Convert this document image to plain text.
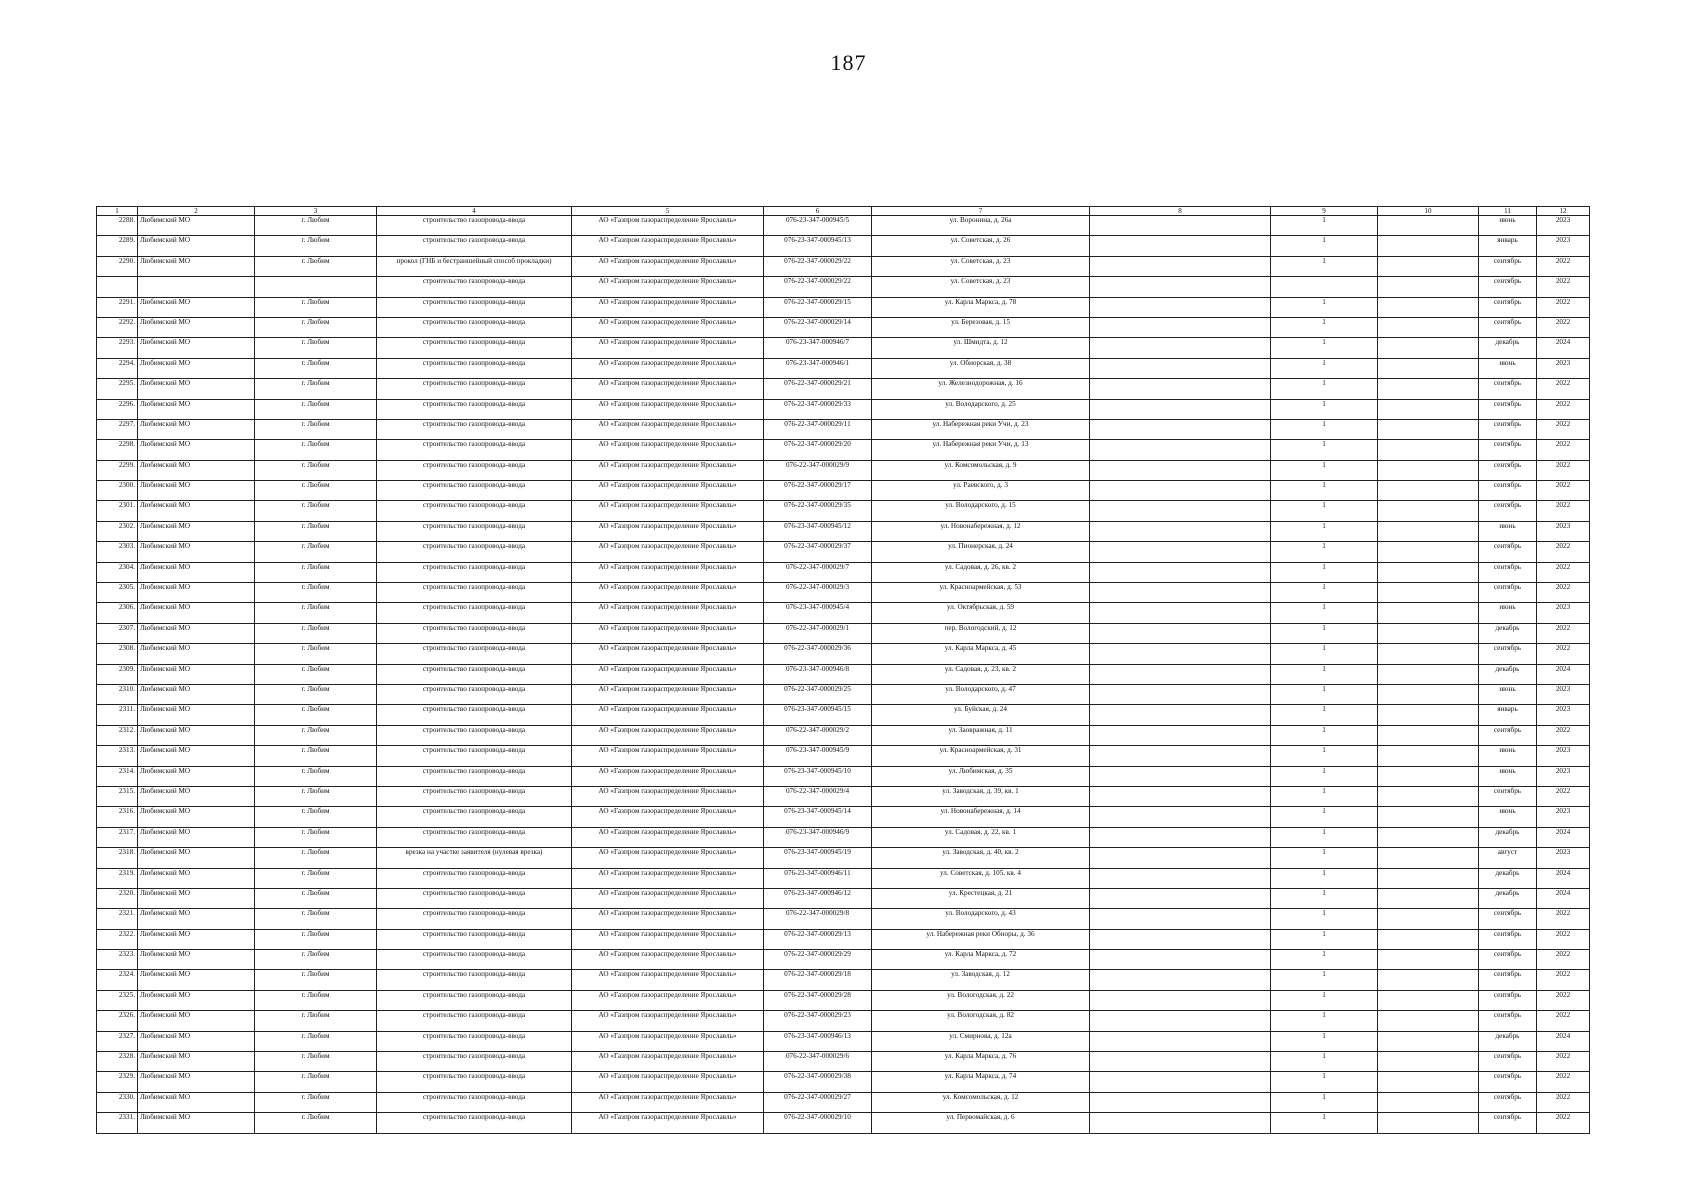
187
1	2	3	4	5	6	7	8	9	10	11	12
2288.	Любимский МО	г. Любим	строительство газопровода-ввода	АО «Газпром газораспределение Ярославль»	076-23-347-000945/5	ул. Воронина, д. 26а		1		июнь	2023
2289.	Любимский МО	г. Любим	строительство газопровода-ввода	АО «Газпром газораспределение Ярославль»	076-23-347-000945/13	ул. Советская, д. 26		1		январь	2023
2290.	Любимский МО	г. Любим	прокол (ГНБ и бестраншейный способ прокладки)	АО «Газпром газораспределение Ярославль»	076-22-347-000029/22	ул. Советская, д. 23		1		сентябрь	2022
			строительство газопровода-ввода	АО «Газпром газораспределение Ярославль»	076-22-347-000029/22	ул. Советская, д. 23				сентябрь	2022
2291.	Любимский МО	г. Любим	строительство газопровода-ввода	АО «Газпром газораспределение Ярославль»	076-22-347-000029/15	ул. Карла Маркса, д. 78		1		сентябрь	2022
2292.	Любимский МО	г. Любим	строительство газопровода-ввода	АО «Газпром газораспределение Ярославль»	076-22-347-000029/14	ул. Березовая, д. 15		1		сентябрь	2022
2293.	Любимский МО	г. Любим	строительство газопровода-ввода	АО «Газпром газораспределение Ярославль»	076-23-347-000946/7	ул. Шмидта, д. 12		1		декабрь	2024
2294.	Любимский МО	г. Любим	строительство газопровода-ввода	АО «Газпром газораспределение Ярославль»	076-23-347-000946/1	ул. Обнорская, д. 38		1		июнь	2023
2295.	Любимский МО	г. Любим	строительство газопровода-ввода	АО «Газпром газораспределение Ярославль»	076-22-347-000029/21	ул. Железнодорожная, д. 16		1		сентябрь	2022
2296.	Любимский МО	г. Любим	строительство газопровода-ввода	АО «Газпром газораспределение Ярославль»	076-22-347-000029/33	ул. Володарского, д. 25		1		сентябрь	2022
2297.	Любимский МО	г. Любим	строительство газопровода-ввода	АО «Газпром газораспределение Ярославль»	076-22-347-000029/11	ул. Набережная реки Учи, д. 23		1		сентябрь	2022
2298.	Любимский МО	г. Любим	строительство газопровода-ввода	АО «Газпром газораспределение Ярославль»	076-22-347-000029/20	ул. Набережная реки Учи, д. 13		1		сентябрь	2022
2299.	Любимский МО	г. Любим	строительство газопровода-ввода	АО «Газпром газораспределение Ярославль»	076-22-347-000029/9	ул. Комсомольская, д. 9		1		сентябрь	2022
2300.	Любимский МО	г. Любим	строительство газопровода-ввода	АО «Газпром газораспределение Ярославль»	076-22-347-000029/17	ул. Раевского, д. 3		1		сентябрь	2022
2301.	Любимский МО	г. Любим	строительство газопровода-ввода	АО «Газпром газораспределение Ярославль»	076-22-347-000029/35	ул. Володарского, д. 15		1		сентябрь	2022
2302.	Любимский МО	г. Любим	строительство газопровода-ввода	АО «Газпром газораспределение Ярославль»	076-23-347-000945/12	ул. Новонабережная, д. 12		1		июнь	2023
2303.	Любимский МО	г. Любим	строительство газопровода-ввода	АО «Газпром газораспределение Ярославль»	076-22-347-000029/37	ул. Пионерская, д. 24		1		сентябрь	2022
2304.	Любимский МО	г. Любим	строительство газопровода-ввода	АО «Газпром газораспределение Ярославль»	076-22-347-000029/7	ул. Садовая, д. 26, кв. 2		1		сентябрь	2022
2305.	Любимский МО	г. Любим	строительство газопровода-ввода	АО «Газпром газораспределение Ярославль»	076-22-347-000029/3	ул. Красноармейская, д. 53		1		сентябрь	2022
2306.	Любимский МО	г. Любим	строительство газопровода-ввода	АО «Газпром газораспределение Ярославль»	076-23-347-000945/4	ул. Октябрьская, д. 59		1		июнь	2023
2307.	Любимский МО	г. Любим	строительство газопровода-ввода	АО «Газпром газораспределение Ярославль»	076-22-347-000029/1	пер. Вологодский, д. 12		1		декабрь	2022
2308.	Любимский МО	г. Любим	строительство газопровода-ввода	АО «Газпром газораспределение Ярославль»	076-22-347-000029/36	ул. Карла Маркса, д. 45		1		сентябрь	2022
2309.	Любимский МО	г. Любим	строительство газопровода-ввода	АО «Газпром газораспределение Ярославль»	076-23-347-000946/8	ул. Садовая, д. 23, кв. 2		1		декабрь	2024
2310.	Любимский МО	г. Любим	строительство газопровода-ввода	АО «Газпром газораспределение Ярославль»	076-22-347-000029/25	ул. Володарского, д. 47		1		июнь	2023
2311.	Любимский МО	г. Любим	строительство газопровода-ввода	АО «Газпром газораспределение Ярославль»	076-23-347-000945/15	ул. Буйская, д. 24		1		январь	2023
2312.	Любимский МО	г. Любим	строительство газопровода-ввода	АО «Газпром газораспределение Ярославль»	076-22-347-000029/2	ул. Заовражная, д. 11		1		сентябрь	2022
2313.	Любимский МО	г. Любим	строительство газопровода-ввода	АО «Газпром газораспределение Ярославль»	076-23-347-000945/9	ул. Красноармейская, д. 31		1		июнь	2023
2314.	Любимский МО	г. Любим	строительство газопровода-ввода	АО «Газпром газораспределение Ярославль»	076-23-347-000945/10	ул. Любимская, д. 35		1		июнь	2023
2315.	Любимский МО	г. Любим	строительство газопровода-ввода	АО «Газпром газораспределение Ярославль»	076-22-347-000029/4	ул. Заводская, д. 39, кв. 1		1		сентябрь	2022
2316.	Любимский МО	г. Любим	строительство газопровода-ввода	АО «Газпром газораспределение Ярославль»	076-23-347-000945/14	ул. Новонабережная, д. 14		1		июнь	2023
2317.	Любимский МО	г. Любим	строительство газопровода-ввода	АО «Газпром газораспределение Ярославль»	076-23-347-000946/9	ул. Садовая, д. 22, кв. 1		1		декабрь	2024
2318.	Любимский МО	г. Любим	врезка на участке заявителя (нулевая врезка)	АО «Газпром газораспределение Ярославль»	076-23-347-000945/19	ул. Заводская, д. 40, кв. 2		1		август	2023
2319.	Любимский МО	г. Любим	строительство газопровода-ввода	АО «Газпром газораспределение Ярославль»	076-23-347-000946/11	ул. Советская, д. 105, кв. 4		1		декабрь	2024
2320.	Любимский МО	г. Любим	строительство газопровода-ввода	АО «Газпром газораспределение Ярославль»	076-23-347-000946/12	ул. Крестецкая, д. 21		1		декабрь	2024
2321.	Любимский МО	г. Любим	строительство газопровода-ввода	АО «Газпром газораспределение Ярославль»	076-22-347-000029/8	ул. Володарского, д. 43		1		сентябрь	2022
2322.	Любимский МО	г. Любим	строительство газопровода-ввода	АО «Газпром газораспределение Ярославль»	076-22-347-000029/13	ул. Набережная реки Обноры, д. 36		1		сентябрь	2022
2323.	Любимский МО	г. Любим	строительство газопровода-ввода	АО «Газпром газораспределение Ярославль»	076-22-347-000029/29	ул. Карла Маркса, д. 72		1		сентябрь	2022
2324.	Любимский МО	г. Любим	строительство газопровода-ввода	АО «Газпром газораспределение Ярославль»	076-22-347-000029/18	ул. Заводская, д. 12		1		сентябрь	2022
2325.	Любимский МО	г. Любим	строительство газопровода-ввода	АО «Газпром газораспределение Ярославль»	076-22-347-000029/28	ул. Вологодская, д. 22		1		сентябрь	2022
2326.	Любимский МО	г. Любим	строительство газопровода-ввода	АО «Газпром газораспределение Ярославль»	076-22-347-000029/23	ул. Вологодская, д. 82		1		сентябрь	2022
2327.	Любимский МО	г. Любим	строительство газопровода-ввода	АО «Газпром газораспределение Ярославль»	076-23-347-000946/13	ул. Смирнова, д. 12а		1		декабрь	2024
2328.	Любимский МО	г. Любим	строительство газопровода-ввода	АО «Газпром газораспределение Ярославль»	076-22-347-000029/6	ул. Карла Маркса, д. 76		1		сентябрь	2022
2329.	Любимский МО	г. Любим	строительство газопровода-ввода	АО «Газпром газораспределение Ярославль»	076-22-347-000029/38	ул. Карла Маркса, д. 74		1		сентябрь	2022
2330.	Любимский МО	г. Любим	строительство газопровода-ввода	АО «Газпром газораспределение Ярославль»	076-22-347-000029/27	ул. Комсомольская, д. 12		1		сентябрь	2022
2331.	Любимский МО	г. Любим	строительство газопровода-ввода	АО «Газпром газораспределение Ярославль»	076-22-347-000029/10	ул. Первомайская, д. 6		1		сентябрь	2022
